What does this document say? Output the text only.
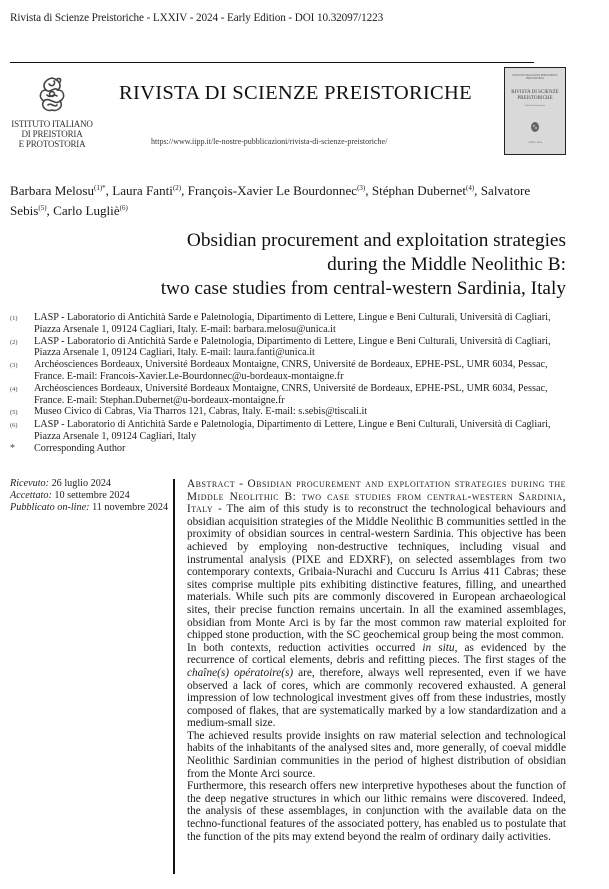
Rivista di Scienze Preistoriche - LXXIV - 2024 - Early Edition - DOI 10.32097/1223
ISTITUTO ITALIANO
DI PREISTORIA
E PROTOSTORIA
RIVISTA DI SCIENZE PREISTORICHE
https://www.iipp.it/le-nostre-pubblicazioni/rivista-di-scienze-preistoriche/
ISTITUTO ITALIANO DI PREISTORIA E PROTOSTORIA
RIVISTA DI SCIENZE
PREISTORICHE
Rivista di Preistoria
LXXIV 2024
Barbara Melosu$^{(1)*}$, Laura Fanti$^{(2)}$, François-Xavier Le Bourdonnec$^{(3)}$, Stéphan Dubernet$^{(4)}$, Salvatore Sebis$^{(5)}$, Carlo Lugliè$^{(6)}$
Obsidian procurement and exploitation strategies
during the Middle Neolithic B:
two case studies from central-western Sardinia, Italy
(1)	LASP - Laboratorio di Antichità Sarde e Paletnologia, Dipartimento di Lettere, Lingue e Beni Culturali, Università di Cagliari, Piazza Arsenale 1, 09124 Cagliari, Italy. E-mail: barbara.melosu@unica.it
(2)	LASP - Laboratorio di Antichità Sarde e Paletnologia, Dipartimento di Lettere, Lingue e Beni Culturali, Università di Cagliari, Piazza Arsenale 1, 09124 Cagliari, Italy. E-mail: laura.fanti@unica.it
(3)	Archéosciences Bordeaux, Université Bordeaux Montaigne, CNRS, Université de Bordeaux, EPHE-PSL, UMR 6034, Pessac, France. E-mail: Francois-Xavier.Le-Bourdonnec@u-bordeaux-montaigne.fr
(4)	Archéosciences Bordeaux, Université Bordeaux Montaigne, CNRS, Université de Bordeaux, EPHE-PSL, UMR 6034, Pessac, France. E-mail: Stephan.Dubernet@u-bordeaux-montaigne.fr
(5)	Museo Civico di Cabras, Via Tharros 121, Cabras, Italy. E-mail: s.sebis@tiscali.it
(6)	LASP - Laboratorio di Antichità Sarde e Paletnologia, Dipartimento di Lettere, Lingue e Beni Culturali, Università di Cagliari, Piazza Arsenale 1, 09124 Cagliari, Italy
*	Corresponding Author
Ricevuto: 26 luglio 2024
Accettato: 10 settembre 2024
Pubblicato on-line: 11 novembre 2024

Abstract - Obsidian procurement and exploitation strategies during the Middle Neolithic B: two case studies from central-western Sardinia, Italy - The aim of this study is to reconstruct the technological behaviours and obsidian acquisition strategies of the Middle Neolithic B communities settled in the proximity of obsidian sources in central-western Sardinia. This objective has been achieved by employing non-destructive techniques, including visual and instrumental analysis (PIXE and EDXRF), on selected assemblages from two contemporary contexts, Gribaia-Nurachi and Cuccuru Is Arrius 411 Cabras; these sites comprise multiple pits exhibiting distinctive features, filling, and unearthed materials. While such pits are commonly discovered in European archaeological sites, their precise function remains uncertain. In all the examined assemblages, obsidian from Monte Arci is by far the most common raw material exploited for chipped stone production, with the SC geochemical group being the most common.

In both contexts, reduction activities occurred in situ, as evidenced by the recurrence of cortical elements, debris and refitting pieces. The first stages of the chaîne(s) opératoire(s) are, therefore, always well represented, even if we have observed a lack of cores, which are commonly recovered exhausted. A general impression of low technological investment gives off from these industries, mostly composed of flakes, that are systematically marked by a low standardization and a medium-small size.

The achieved results provide insights on raw material selection and technological habits of the inhabitants of the analysed sites and, more generally, of coeval middle Neolithic Sardinian communities in the period of highest distribution of obsidian from the Monte Arci source.

Furthermore, this research offers new interpretive hypotheses about the function of the deep negative structures in which our lithic remains were discovered. Indeed, the analysis of these assemblages, in conjunction with the available data on the techno-functional features of the associated pottery, has enabled us to postulate that the function of the pits may extend beyond the realm of ordinary daily activities.
